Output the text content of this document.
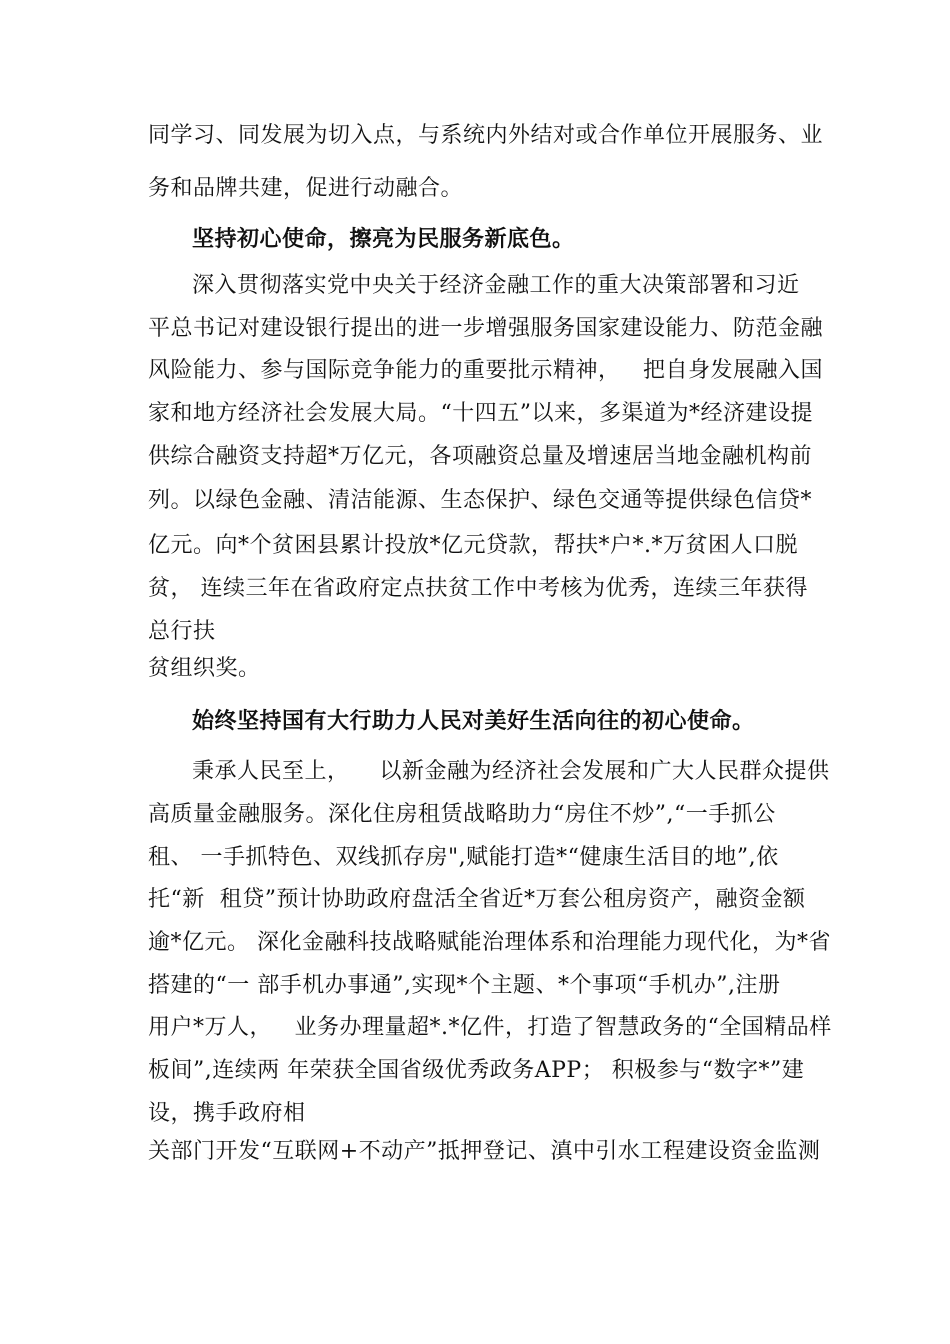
同学习、同发展为切入点，与系统内外结对或合作单位开展服务、业
务和品牌共建，促进行动融合。
坚持初心使命，擦亮为民服务新底色。
深入贯彻落实党中央关于经济金融工作的重大决策部署和习近
平总书记对建设银行提出的进一步增强服务国家建设能力、防范金融
风险能力、参与国际竞争能力的重要批示精神，   把自身发展融入国
家和地方经济社会发展大局。“十四五”以来，多渠道为*经济建设提
供综合融资支持超*万亿元，各项融资总量及增速居当地金融机构前
列。以绿色金融、清洁能源、生态保护、绿色交通等提供绿色信贷*
亿元。向*个贫困县累计投放*亿元贷款，帮扶*户*.*万贫困人口脱
贫， 连续三年在省政府定点扶贫工作中考核为优秀，连续三年获得
总行扶
贫组织奖。
始终坚持国有大行助力人民对美好生活向往的初心使命。
秉承人民至上，    以新金融为经济社会发展和广大人民群众提供
高质量金融服务。深化住房租赁战略助力“房住不炒”,“一手抓公
租、 一手抓特色、双线抓存房",赋能打造*“健康生活目的地”,依
托“新  租贷”预计协助政府盘活全省近*万套公租房资产，融资金额
逾*亿元。 深化金融科技战略赋能治理体系和治理能力现代化，为*省
搭建的“一 部手机办事通”,实现*个主题、*个事项“手机办”,注册
用户*万人，   业务办理量超*.*亿件，打造了智慧政务的“全国精品样
板间”,连续两 年荣获全国省级优秀政务APP； 积极参与“数字*”建
设，携手政府相
关部门开发“互联网+不动产”抵押登记、滇中引水工程建设资金监测
